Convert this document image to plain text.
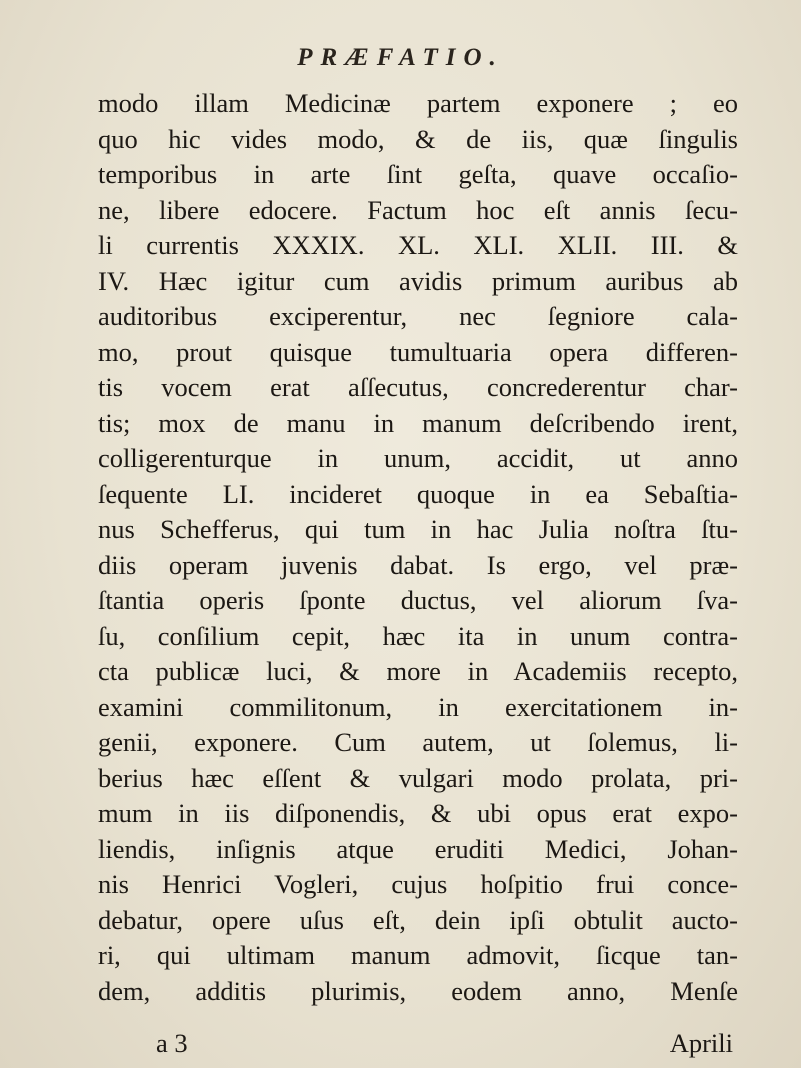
PRÆFATIO.
modo illam Medicinæ partem exponere ; eo
quo hic vides modo, & de iis, quæ ſingulis
temporibus in arte ſint geſta, quave occaſio-
ne, libere edocere. Factum hoc eſt annis ſecu-
li currentis XXXIX. XL. XLI. XLII. III. &
IV. Hæc igitur cum avidis primum auribus ab
auditoribus exciperentur, nec ſegniore cala-
mo, prout quisque tumultuaria opera differen-
tis vocem erat aſſecutus, concrederentur char-
tis; mox de manu in manum deſcribendo irent,
colligerenturque in unum, accidit, ut anno
ſequente LI. incideret quoque in ea Sebaſtia-
nus Schefferus, qui tum in hac Julia noſtra ſtu-
diis operam juvenis dabat. Is ergo, vel præ-
ſtantia operis ſponte ductus, vel aliorum ſva-
ſu, conſilium cepit, hæc ita in unum contra-
cta publicæ luci, & more in Academiis recepto,
examini commilitonum, in exercitationem in-
genii, exponere. Cum autem, ut ſolemus, li-
berius hæc eſſent & vulgari modo prolata, pri-
mum in iis diſponendis, & ubi opus erat expo-
liendis, inſignis atque eruditi Medici, Johan-
nis Henrici Vogleri, cujus hoſpitio frui conce-
debatur, opere uſus eſt, dein ipſi obtulit aucto-
ri, qui ultimam manum admovit, ſicque tan-
dem, additis plurimis, eodem anno, Menſe
a 3	Aprili
